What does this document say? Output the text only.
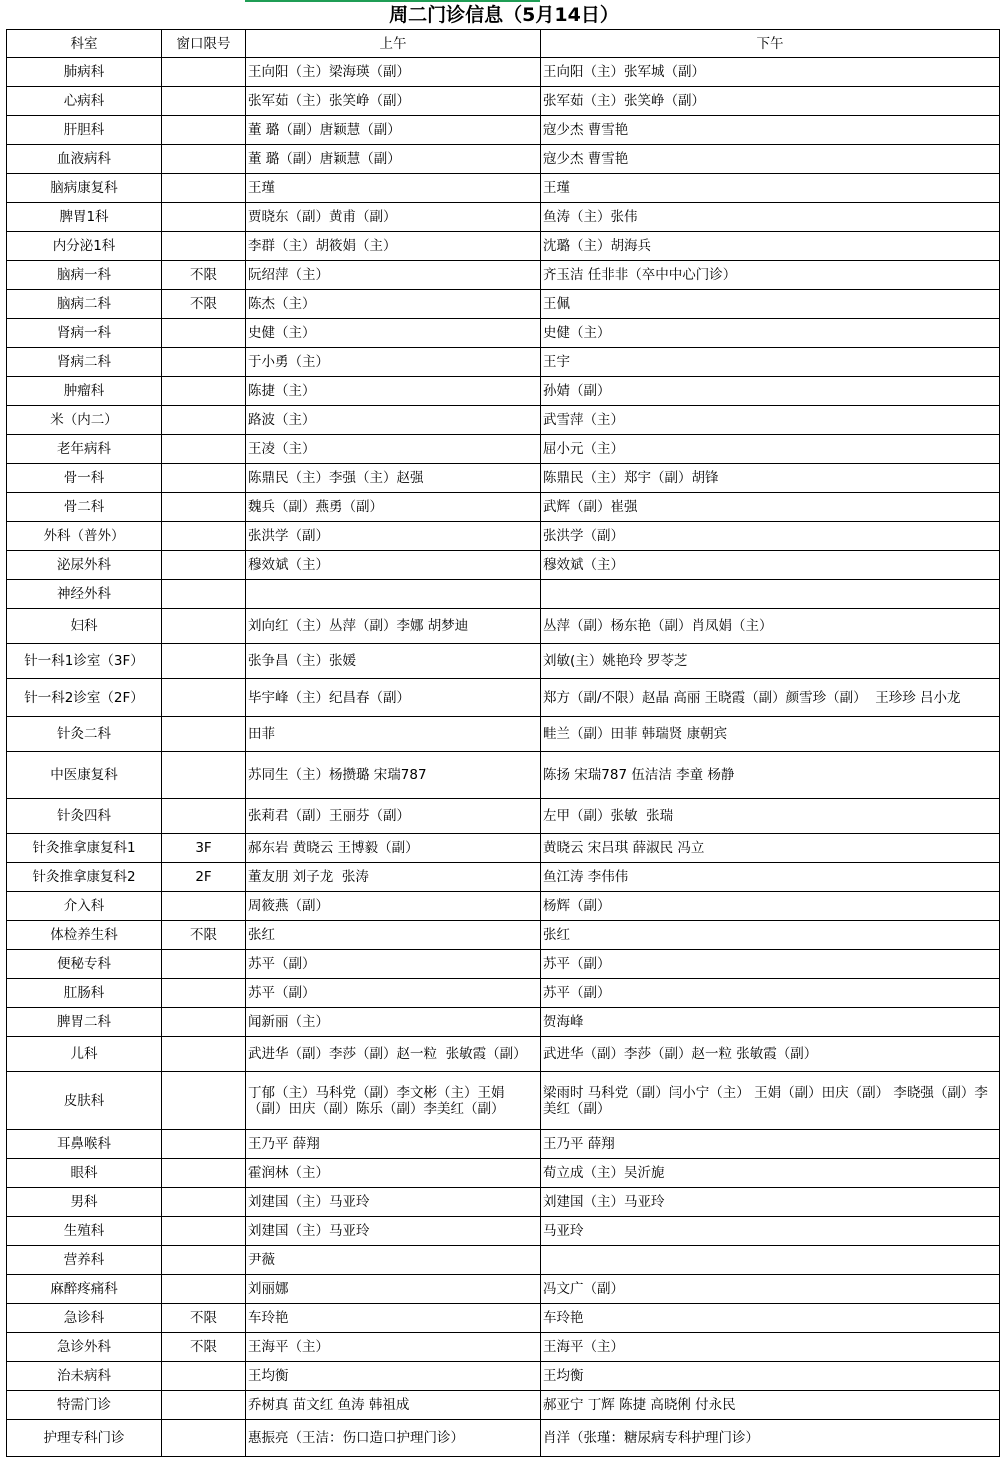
周二门诊信息（5月14日）
科室	窗口限号	上午	下午
肺病科		王向阳（主）梁海瑛（副）	王向阳（主）张军城（副）
心病科		张军茹（主）张笑峥（副）	张军茹（主）张笑峥（副）
肝胆科		董 璐（副）唐颖慧（副）	寇少杰 曹雪艳
血液病科		董 璐（副）唐颖慧（副）	寇少杰 曹雪艳
脑病康复科		王瑾	王瑾
脾胃1科		贾晓东（副）黄甫（副）	鱼涛（主）张伟
内分泌1科		李群（主）胡筱娟（主）	沈璐（主）胡海兵
脑病一科	不限	阮绍萍（主）	齐玉洁 任非非（卒中中心门诊）
脑病二科	不限	陈杰（主）	王佩
肾病一科		史健（主）	史健（主）
肾病二科		于小勇（主）	王宇
肿瘤科		陈捷（主）	孙婧（副）
米（内二）		路波（主）	武雪萍（主）
老年病科		王凌（主）	屈小元（主）
骨一科		陈鼎民（主）李强（主）赵强	陈鼎民（主）郑宇（副）胡锋
骨二科		魏兵（副）燕勇（副）	武辉（副）崔强
外科（普外）		张洪学（副）	张洪学（副）
泌尿外科		穆效斌（主）	穆效斌（主）
神经外科			
妇科		刘向红（主）丛萍（副）李娜 胡梦迪	丛萍（副）杨东艳（副）肖凤娟（主）
针一科1诊室（3F）		张争昌（主）张媛	刘敏(主）姚艳玲 罗苓芝
针一科2诊室（2F）		毕宇峰（主）纪昌春（副）	郑方（副/不限）赵晶 高丽 王晓霞（副）颜雪珍（副）  王珍珍 吕小龙
针灸二科		田菲	畦兰（副）田菲 韩瑞贤 康朝宾
中医康复科		苏同生（主）杨攒璐 宋瑞787	陈扬 宋瑞787 伍洁洁 李童 杨静
针灸四科		张莉君（副）王丽芬（副）	左甲（副）张敏  张瑞
针灸推拿康复科1	3F	郝东岩 黄晓云 王博毅（副）	黄晓云 宋吕琪 薛淑民 冯立
针灸推拿康复科2	2F	董友朋 刘子龙  张涛	鱼江涛 李伟伟
介入科		周筱燕（副）	杨辉（副）
体检养生科	不限	张红	张红
便秘专科		苏平（副）	苏平（副）
肛肠科		苏平（副）	苏平（副）
脾胃二科		闻新丽（主）	贺海峰
儿科		武进华（副）李莎（副）赵一粒  张敏霞（副）	武进华（副）李莎（副）赵一粒 张敏霞（副）
皮肤科		丁郁（主）马科党（副）李文彬（主）王娟（副）田庆（副）陈乐（副）李美红（副）	梁雨时 马科党（副）闫小宁（主） 王娟（副）田庆（副） 李晓强（副）李美红（副）
耳鼻喉科		王乃平 薛翔	王乃平 薛翔
眼科		霍润林（主）	荀立成（主）吴沂旎
男科		刘建国（主）马亚玲	刘建国（主）马亚玲
生殖科		刘建国（主）马亚玲	马亚玲
营养科		尹薇	
麻醉疼痛科		刘丽娜	冯文广（副）
急诊科	不限	车玲艳	车玲艳
急诊外科	不限	王海平（主）	王海平（主）
治未病科		王均衡	王均衡
特需门诊		乔树真 苗文红 鱼涛 韩祖成	郝亚宁 丁辉 陈捷 高晓俐 付永民
护理专科门诊		惠振亮（王洁：伤口造口护理门诊）	肖洋（张瑾：糖尿病专科护理门诊）
